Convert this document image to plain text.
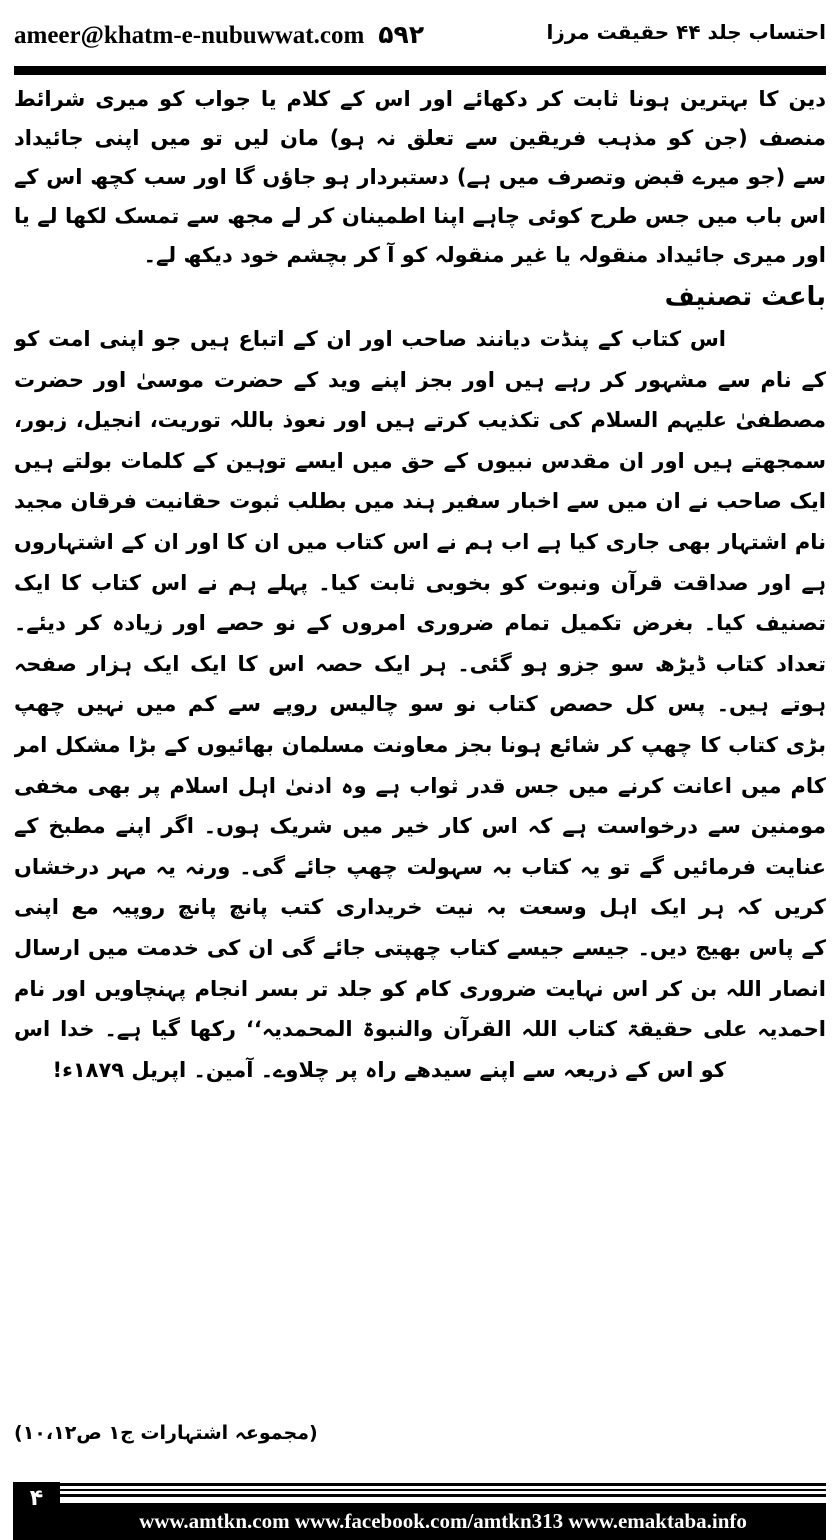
ameer@khatm-e-nubuwwat.com ۵۹۲	احتساب جلد ۴۴ حقیقت مرزا
دین کا بہترین ہونا ثابت کر دکھائے اور اس کے کلام یا جواب کو میری شرائط
منصف (جن کو مذہب فریقین سے تعلق نہ ہو) مان لیں تو میں اپنی جائیداد
سے (جو میرے قبض وتصرف میں ہے) دستبردار ہو جاؤں گا اور سب کچھ اس کے
اس باب میں جس طرح کوئی چاہے اپنا اطمینان کر لے مجھ سے تمسک لکھا لے یا
اور میری جائیداد منقولہ یا غیر منقولہ کو آ کر بچشم خود دیکھ لے۔
باعث تصنیف
اس کتاب کے پنڈت دیانند صاحب اور ان کے اتباع ہیں جو اپنی امت کو
کے نام سے مشہور کر رہے ہیں اور بجز اپنے وید کے حضرت موسیٰ اور حضرت
مصطفیٰ علیہم السلام کی تکذیب کرتے ہیں اور نعوذ باللہ توریت، انجیل، زبور،
سمجھتے ہیں اور ان مقدس نبیوں کے حق میں ایسے توہین کے کلمات بولتے ہیں
ایک صاحب نے ان میں سے اخبار سفیر ہند میں بطلب ثبوت حقانیت فرقان مجید
نام اشتہار بھی جاری کیا ہے اب ہم نے اس کتاب میں ان کا اور ان کے اشتہاروں
ہے اور صداقت قرآن ونبوت کو بخوبی ثابت کیا۔ پہلے ہم نے اس کتاب کا ایک
تصنیف کیا۔ بغرض تکمیل تمام ضروری امروں کے نو حصے اور زیادہ کر دیئے۔
تعداد کتاب ڈیڑھ سو جزو ہو گئی۔ ہر ایک حصہ اس کا ایک ایک ہزار صفحہ
ہوتے ہیں۔ پس کل حصص کتاب نو سو چالیس روپے سے کم میں نہیں چھپ
بڑی کتاب کا چھپ کر شائع ہونا بجز معاونت مسلمان بھائیوں کے بڑا مشکل امر
کام میں اعانت کرنے میں جس قدر ثواب ہے وہ ادنیٰ اہل اسلام پر بھی مخفی
مومنین سے درخواست ہے کہ اس کار خیر میں شریک ہوں۔ اگر اپنے مطبخ کے
عنایت فرمائیں گے تو یہ کتاب بہ سہولت چھپ جائے گی۔ ورنہ یہ مہر درخشاں
کریں کہ ہر ایک اہل وسعت بہ نیت خریداری کتب پانچ پانچ روپیہ مع اپنی
کے پاس بھیج دیں۔ جیسے جیسے کتاب چھپتی جائے گی ان کی خدمت میں ارسال
انصار اللہ بن کر اس نہایت ضروری کام کو جلد تر بسر انجام پہنچاویں اور نام
احمدیہ علی حقیقۃ کتاب اللہ القرآن والنبوۃ المحمدیہ‘‘ رکھا گیا ہے۔ خدا اس
کو اس کے ذریعہ سے اپنے سیدھے راہ پر چلاوے۔ آمین۔ اپریل ۱۸۷۹ء!
(مجموعہ اشتہارات ج۱ ص۱۰،۱۲)
۴
www.amtkn.com www.facebook.com/amtkn313 www.emaktaba.info
